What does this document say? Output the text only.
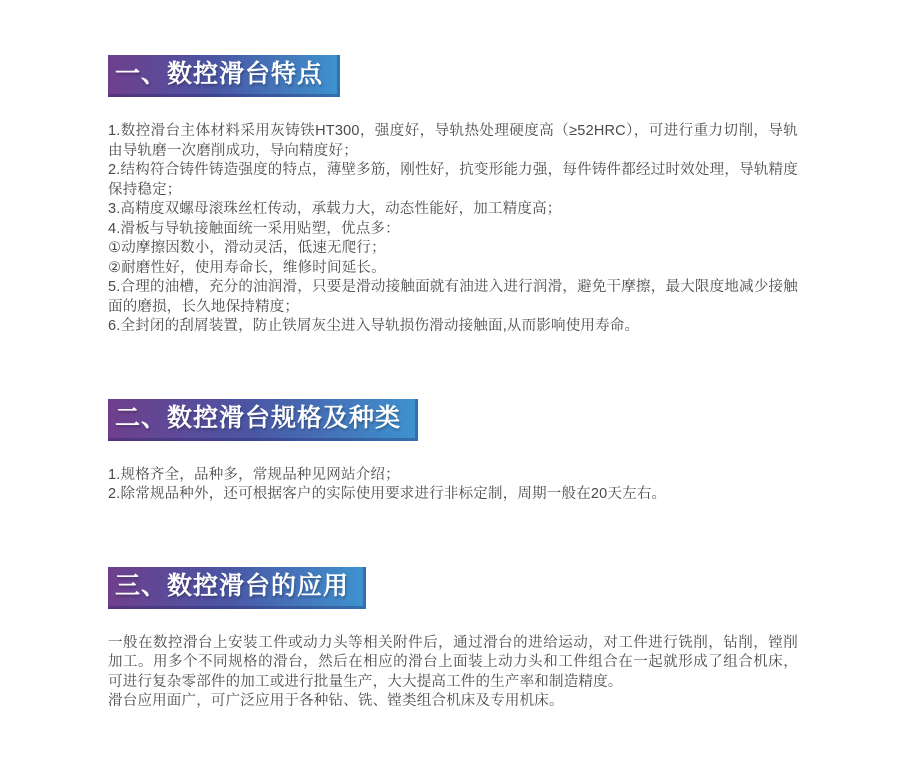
一、数控滑台特点

1.数控滑台主体材料采用灰铸铁HT300，强度好，导轨热处理硬度高（≥52HRC），可进行重力切削，导轨由导轨磨一次磨削成功，导向精度好；

2.结构符合铸件铸造强度的特点，薄壁多筋，刚性好，抗变形能力强，每件铸件都经过时效处理，导轨精度保持稳定；

3.高精度双螺母滚珠丝杠传动，承载力大，动态性能好，加工精度高；

4.滑板与导轨接触面统一采用贴塑，优点多：

①动摩擦因数小，滑动灵活，低速无爬行；

②耐磨性好，使用寿命长，维修时间延长。

5.合理的油槽，充分的油润滑，只要是滑动接触面就有油进入进行润滑，避免干摩擦，最大限度地减少接触面的磨损，长久地保持精度；

6.全封闭的刮屑装置，防止铁屑灰尘进入导轨损伤滑动接触面,从而影响使用寿命。

二、数控滑台规格及种类

1.规格齐全，品种多，常规品种见网站介绍；

2.除常规品种外，还可根据客户的实际使用要求进行非标定制，周期一般在20天左右。

三、数控滑台的应用

一般在数控滑台上安装工件或动力头等相关附件后，通过滑台的进给运动，对工件进行铣削，钻削，镗削加工。用多个不同规格的滑台，然后在相应的滑台上面装上动力头和工件组合在一起就形成了组合机床，可进行复杂零部件的加工或进行批量生产，大大提高工件的生产率和制造精度。

滑台应用面广，可广泛应用于各种钻、铣、镗类组合机床及专用机床。
